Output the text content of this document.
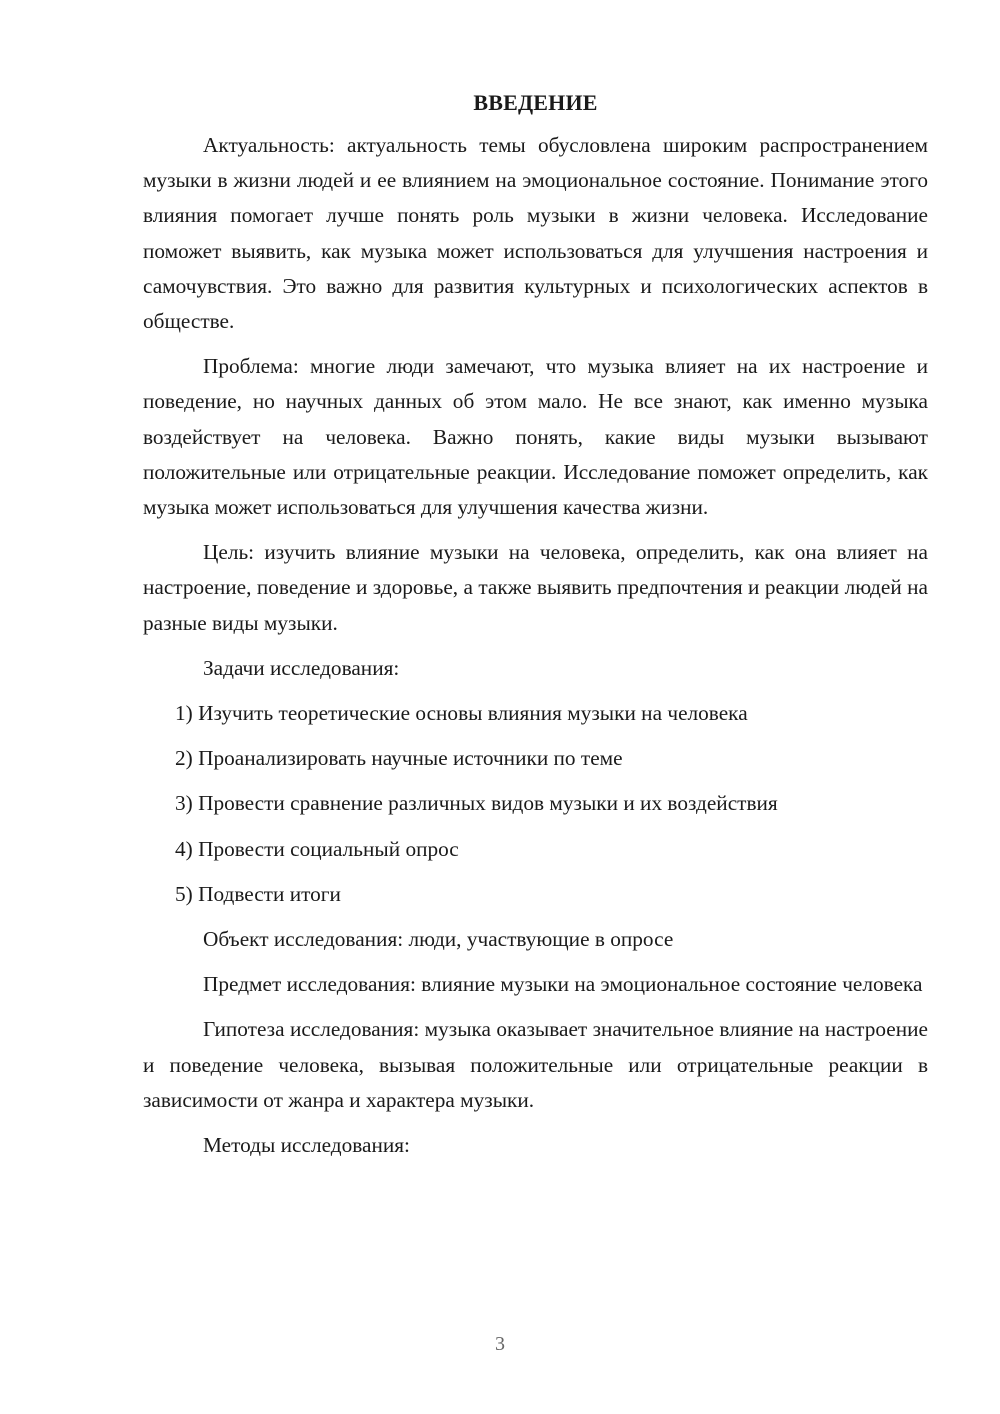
ВВЕДЕНИЕ

Актуальность: актуальность темы обусловлена широким распространением музыки в жизни людей и ее влиянием на эмоциональное состояние. Понимание этого влияния помогает лучше понять роль музыки в жизни человека. Исследование поможет выявить, как музыка может использоваться для улучшения настроения и самочувствия. Это важно для развития культурных и психологических аспектов в обществе.

Проблема: многие люди замечают, что музыка влияет на их настроение и поведение, но научных данных об этом мало. Не все знают, как именно музыка воздействует на человека. Важно понять, какие виды музыки вызывают положительные или отрицательные реакции. Исследование поможет определить, как музыка может использоваться для улучшения качества жизни.

Цель: изучить влияние музыки на человека, определить, как она влияет на настроение, поведение и здоровье, а также выявить предпочтения и реакции людей на разные виды музыки.

Задачи исследования:

1) Изучить теоретические основы влияния музыки на человека
2) Проанализировать научные источники по теме
3) Провести сравнение различных видов музыки и их воздействия
4) Провести социальный опрос
5) Подвести итоги

Объект исследования: люди, участвующие в опросе

Предмет исследования: влияние музыки на эмоциональное состояние человека

Гипотеза исследования: музыка оказывает значительное влияние на настроение и поведение человека, вызывая положительные или отрицательные реакции в зависимости от жанра и характера музыки.

Методы исследования:

3
